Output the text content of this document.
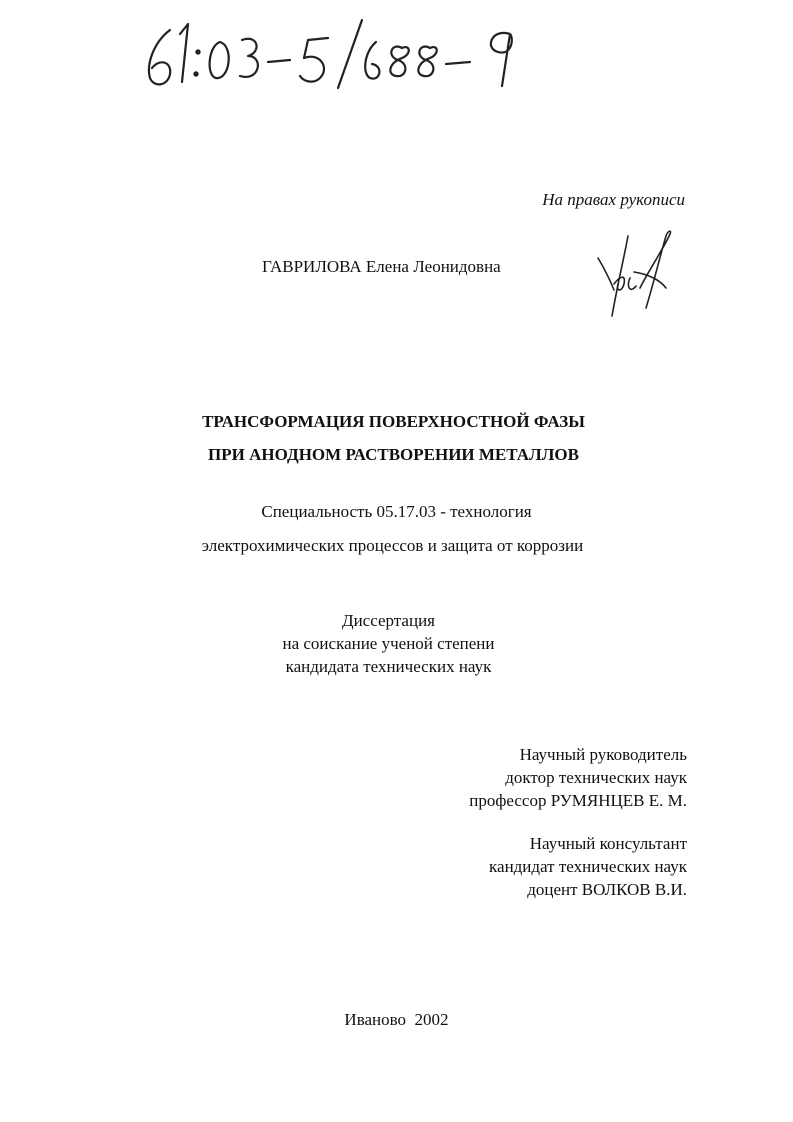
На правах рукописи
ГАВРИЛОВА Елена Леонидовна
ТРАНСФОРМАЦИЯ ПОВЕРХНОСТНОЙ ФАЗЫ
ПРИ АНОДНОМ РАСТВОРЕНИИ МЕТАЛЛОВ
Специальность 05.17.03 - технология
электрохимических процессов и защита от коррозии
Диссертация
на соискание ученой степени
кандидата технических наук
Научный руководитель
доктор технических наук
профессор РУМЯНЦЕВ Е. М.
Научный консультант
кандидат технических наук
доцент ВОЛКОВ В.И.
Иваново  2002
